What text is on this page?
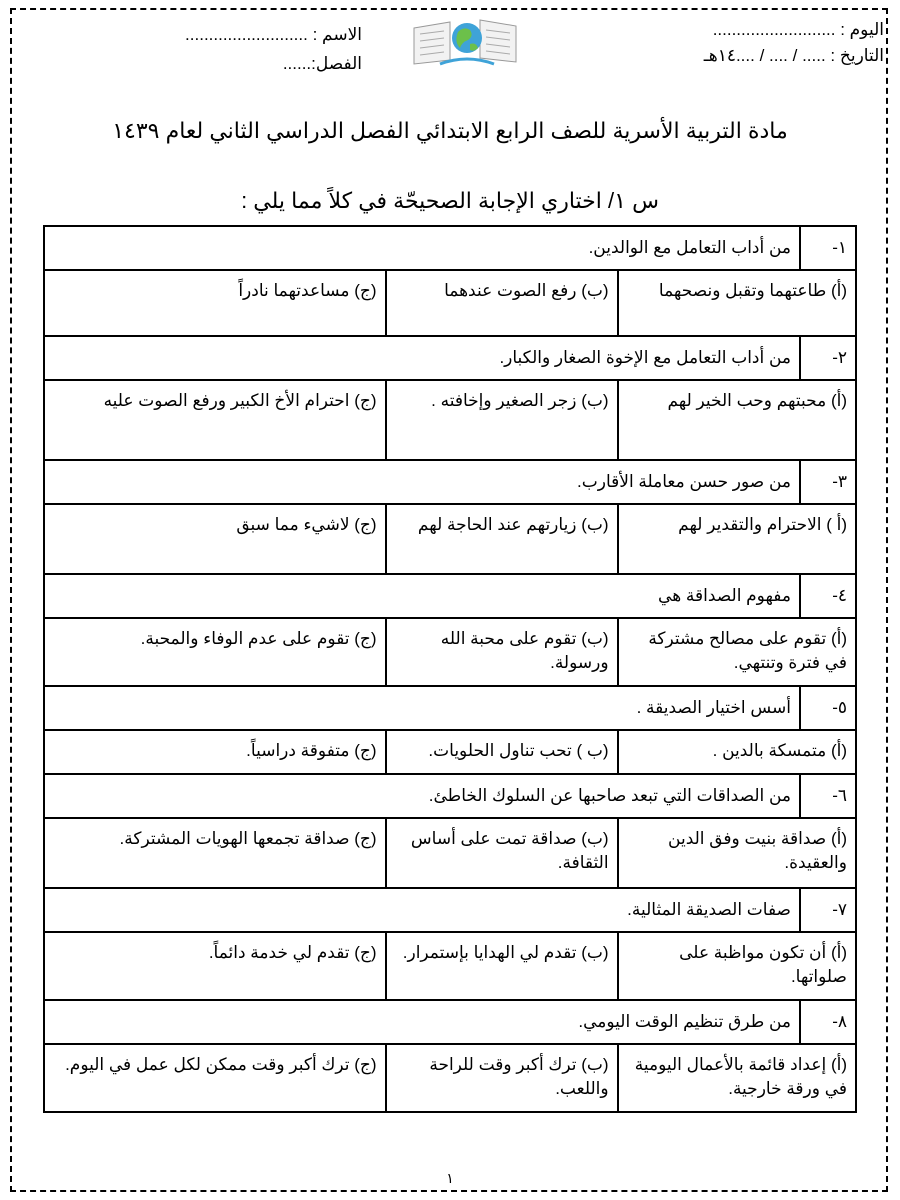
اليوم : ..........................
التاريخ : ..... / .... / ....١٤هـ
الاسم : ..........................
الفصل:......
مادة التربية الأسرية للصف الرابع الابتدائي الفصل الدراسي الثاني لعام ١٤٣٩
س ١/ اختاري الإجابة الصحيحّة في كلاً مما يلي :
١-	من أداب التعامل مع الوالدين.		
(أ) طاعتهما وتقبل ونصحهما		(ب) رفع الصوت عندهما	(ج) مساعدتهما نادراً
٢-	من أداب التعامل مع الإخوة الصغار والكبار.		
(أ) محبتهم وحب الخير لهم		(ب) زجر الصغير وإخافته .	(ج) احترام الأخ الكبير ورفع الصوت عليه
٣-	من صور حسن معاملة الأقارب.		
(أ ) الاحترام والتقدير لهم		(ب) زيارتهم عند الحاجة لهم	(ج) لاشيء مما سبق
٤-	مفهوم الصداقة هي		
(أ) تقوم على مصالح مشتركة في فترة وتنتهي.		(ب) تقوم على محبة الله ورسولة.	(ج) تقوم على عدم الوفاء والمحبة.
٥-	أسس اختيار الصديقة .		
(أ) متمسكة بالدين .		(ب ) تحب تناول الحلويات.	(ج) متفوقة دراسياً.
٦-	من الصداقات التي تبعد صاحبها عن السلوك الخاطئ.		
(أ) صداقة بنيت وفق الدين والعقيدة.		(ب) صداقة تمت على أساس الثقافة.	(ج) صداقة تجمعها الهويات المشتركة.
٧-	صفات الصديقة المثالية.		
(أ) أن تكون مواظبة على صلواتها.		(ب) تقدم لي الهدايا بإستمرار.	(ج) تقدم لي خدمة دائماً.
٨-	من طرق تنظيم الوقت اليومي.		
(أ) إعداد قائمة بالأعمال اليومية في ورقة خارجية.		(ب) ترك أكبر وقت للراحة واللعب.	(ج) ترك أكبر وقت ممكن لكل عمل في اليوم.
١
